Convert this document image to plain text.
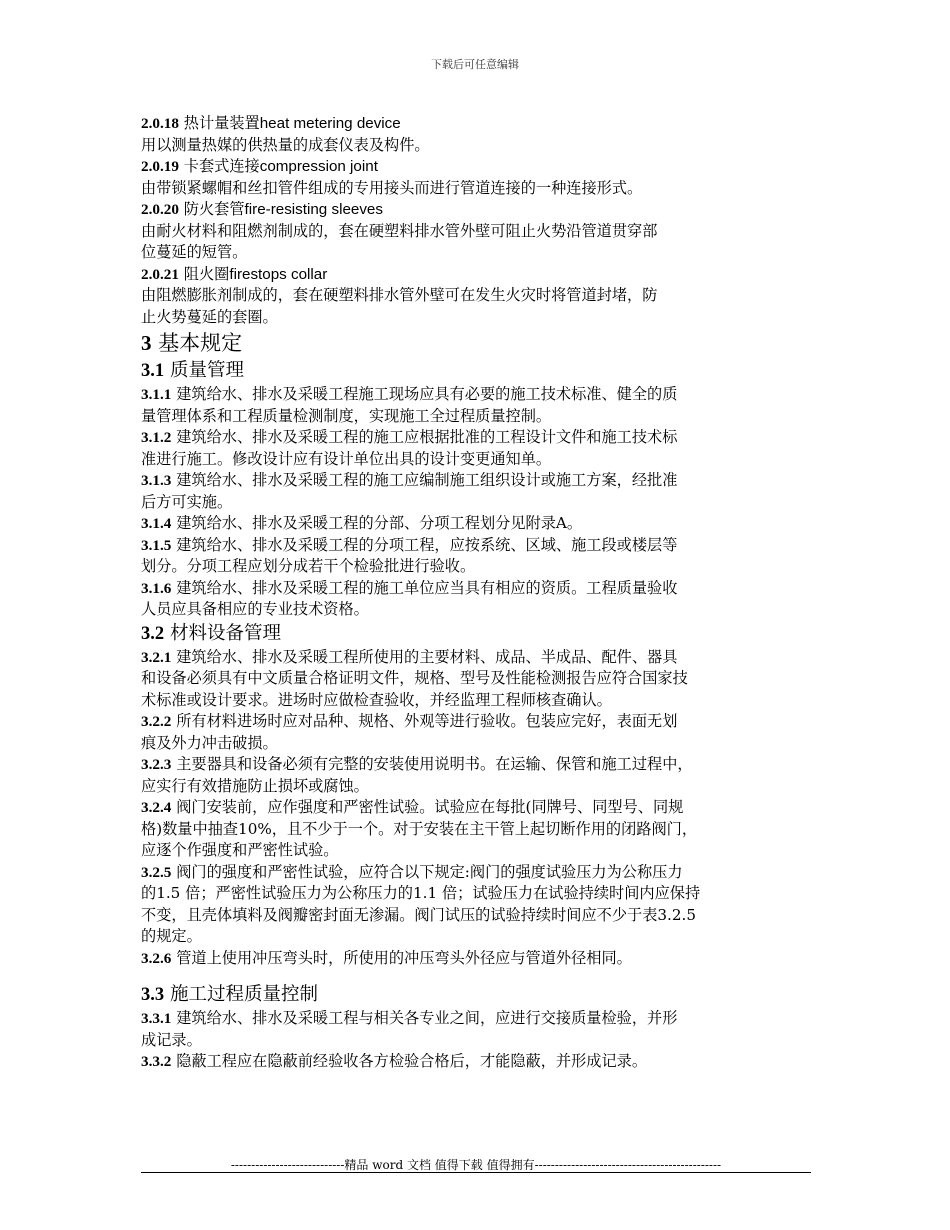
下载后可任意编辑

2.0.18 热计量装置heat metering device

用以测量热媒的供热量的成套仪表及构件。

2.0.19 卡套式连接compression joint

由带锁紧螺帽和丝扣管件组成的专用接头而进行管道连接的一种连接形式。

2.0.20 防火套管fire-resisting sleeves

由耐火材料和阻燃剂制成的，套在硬塑料排水管外壁可阻止火势沿管道贯穿部

位蔓延的短管。

2.0.21 阻火圈firestops collar

由阻燃膨胀剂制成的，套在硬塑料排水管外壁可在发生火灾时将管道封堵，防

止火势蔓延的套圈。

3 基本规定

3.1 质量管理

3.1.1 建筑给水、排水及采暖工程施工现场应具有必要的施工技术标准、健全的质

量管理体系和工程质量检测制度，实现施工全过程质量控制。

3.1.2 建筑给水、排水及采暖工程的施工应根据批准的工程设计文件和施工技术标

准进行施工。修改设计应有设计单位出具的设计变更通知单。

3.1.3 建筑给水、排水及采暖工程的施工应编制施工组织设计或施工方案，经批准

后方可实施。

3.1.4 建筑给水、排水及采暖工程的分部、分项工程划分见附录A。

3.1.5 建筑给水、排水及采暖工程的分项工程，应按系统、区域、施工段或楼层等

划分。分项工程应划分成若干个检验批进行验收。

3.1.6 建筑给水、排水及采暖工程的施工单位应当具有相应的资质。工程质量验收

人员应具备相应的专业技术资格。

3.2 材料设备管理

3.2.1 建筑给水、排水及采暖工程所使用的主要材料、成品、半成品、配件、器具

和设备必须具有中文质量合格证明文件，规格、型号及性能检测报告应符合国家技

术标准或设计要求。进场时应做检查验收，并经监理工程师核查确认。

3.2.2 所有材料进场时应对品种、规格、外观等进行验收。包装应完好，表面无划

痕及外力冲击破损。

3.2.3 主要器具和设备必须有完整的安装使用说明书。在运输、保管和施工过程中，

应实行有效措施防止损坏或腐蚀。

3.2.4 阀门安装前，应作强度和严密性试验。试验应在每批(同牌号、同型号、同规

格)数量中抽查10%，且不少于一个。对于安装在主干管上起切断作用的闭路阀门，

应逐个作强度和严密性试验。

3.2.5 阀门的强度和严密性试验，应符合以下规定:阀门的强度试验压力为公称压力

的1.5 倍；严密性试验压力为公称压力的1.1 倍；试验压力在试验持续时间内应保持

不变，且壳体填料及阀瓣密封面无渗漏。阀门试压的试验持续时间应不少于表3.2.5

的规定。

3.2.6 管道上使用冲压弯头时，所使用的冲压弯头外径应与管道外径相同。

3.3 施工过程质量控制

3.3.1 建筑给水、排水及采暖工程与相关各专业之间，应进行交接质量检验，并形

成记录。

3.3.2 隐蔽工程应在隐蔽前经验收各方检验合格后，才能隐蔽，并形成记录。

----------------------------精品 word 文档 值得下载 值得拥有----------------------------------------------
